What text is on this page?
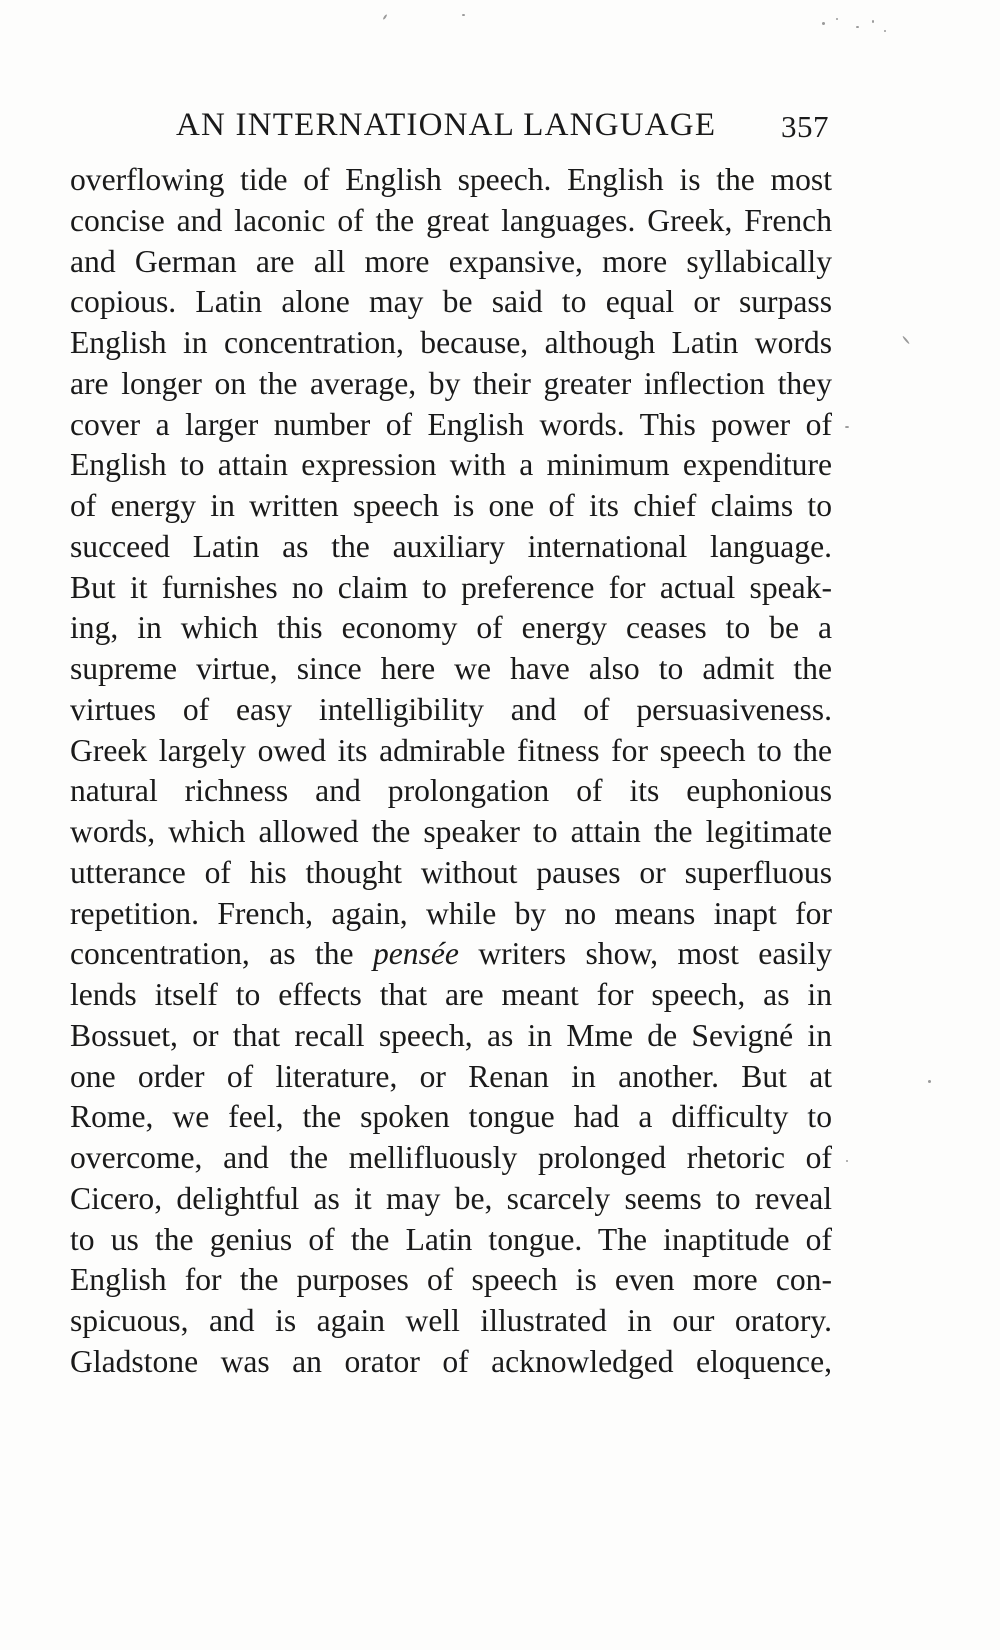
AN INTERNATIONAL LANGUAGE 357
overflowing tide of English speech. English is the most
concise and laconic of the great languages. Greek, French
and German are all more expansive, more syllabically
copious. Latin alone may be said to equal or surpass
English in concentration, because, although Latin words
are longer on the average, by their greater inflection they
cover a larger number of English words. This power of
English to attain expression with a minimum expenditure
of energy in written speech is one of its chief claims to
succeed Latin as the auxiliary international language.
But it furnishes no claim to preference for actual speak-
ing, in which this economy of energy ceases to be a
supreme virtue, since here we have also to admit the
virtues of easy intelligibility and of persuasiveness.
Greek largely owed its admirable fitness for speech to the
natural richness and prolongation of its euphonious
words, which allowed the speaker to attain the legitimate
utterance of his thought without pauses or superfluous
repetition. French, again, while by no means inapt for
concentration, as the pensée writers show, most easily
lends itself to effects that are meant for speech, as in
Bossuet, or that recall speech, as in Mme de Sevigné in
one order of literature, or Renan in another. But at
Rome, we feel, the spoken tongue had a difficulty to
overcome, and the mellifluously prolonged rhetoric of
Cicero, delightful as it may be, scarcely seems to reveal
to us the genius of the Latin tongue. The inaptitude of
English for the purposes of speech is even more con-
spicuous, and is again well illustrated in our oratory.
Gladstone was an orator of acknowledged eloquence,
